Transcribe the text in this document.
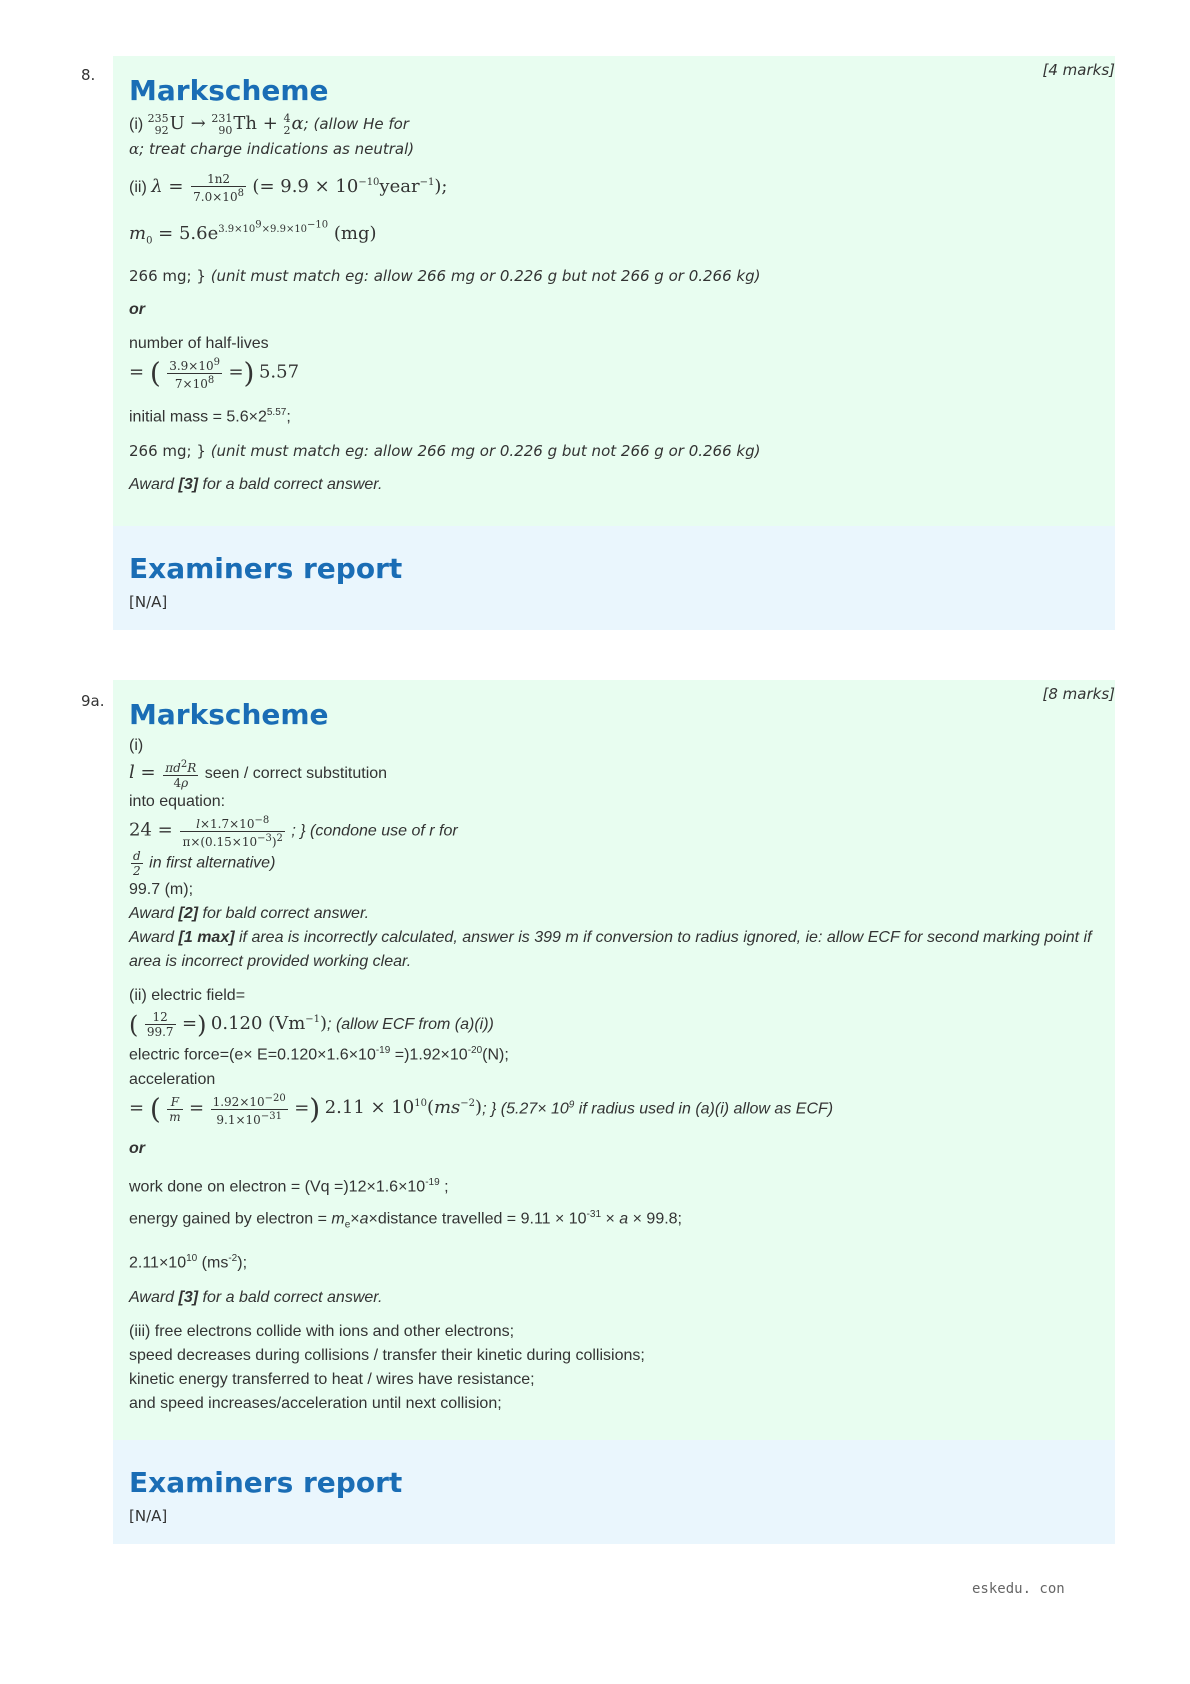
8.	[4 marks]
Markscheme
(i) 235
92U → 231
90Th + 4
2α; (allow He for
α; treat charge indications as neutral)
(ii) $\lambda = \frac{1n2}{7.0\times 10^8}$ (= $9.9 \times 10^{-10}year^{-1}$);
$m_0 = 5.6e^{3.9\times 10^9\times 9.9\times 10^{-10}}$ (mg)
266 mg; } (unit must match eg: allow 266 mg or 0.226 g but not 266 g or 0.266 kg)
or
number of half-lives
= ( $\frac{3.9\times 10^9}{7\times 10^8}$ =) 5.57
initial mass = $5.6\times 2^{5.57}$;
266 mg; } (unit must match eg: allow 266 mg or 0.226 g but not 266 g or 0.266 kg)
Award [3] for a bald correct answer.
Examiners report
[N/A]
9a.	[8 marks]
Markscheme
(i)
$l = \frac{\pi d^2R}{4\rho}$ seen / correct substitution
into equation:
$24 = \frac{l\times 1.7\times 10^{-8}}{\pi\times(0.15\times 10^{-3})^2}$ ; } (condone use of r for
$\frac{d}{2}$ in first alternative)
99.7 (m);
Award [2] for bald correct answer.
Award [1 max] if area is incorrectly calculated, answer is 399 m if conversion to radius ignored, ie: allow ECF for second marking point if area is incorrect provided working clear.
(ii) electric field=
( $\frac{12}{99.7}$ =) 0.120 $(Vm^{-1})$; (allow ECF from (a)(i))
electric force=(e× $E=0.120\times 1.6\times 10^{-19} =)1.92\times 10^{-20}(N)$;
acceleration
= ( $\frac{F}{m} = \frac{1.92\times 10^{-20}}{9.1\times 10^{-31}}$ =) $2.11 \times 10^{10}(ms^{-2})$; } ($5.27\times 10^9$ if radius used in (a)(i) allow as ECF)
or
work done on electron = $(Vq =)12\times 1.6\times 10^{-19}$ ;
energy gained by electron = $m_e\times a\times distance$ travelled = $9.11 \times 10^{-31} \times a \times 99.8$;
$2.11\times 10^{10}$ $(ms^{-2})$;
Award [3] for a bald correct answer.
(iii) free electrons collide with ions and other electrons;
speed decreases during collisions / transfer their kinetic during collisions;
kinetic energy transferred to heat / wires have resistance;
and speed increases/acceleration until next collision;
Examiners report
[N/A]
eskedu. con
